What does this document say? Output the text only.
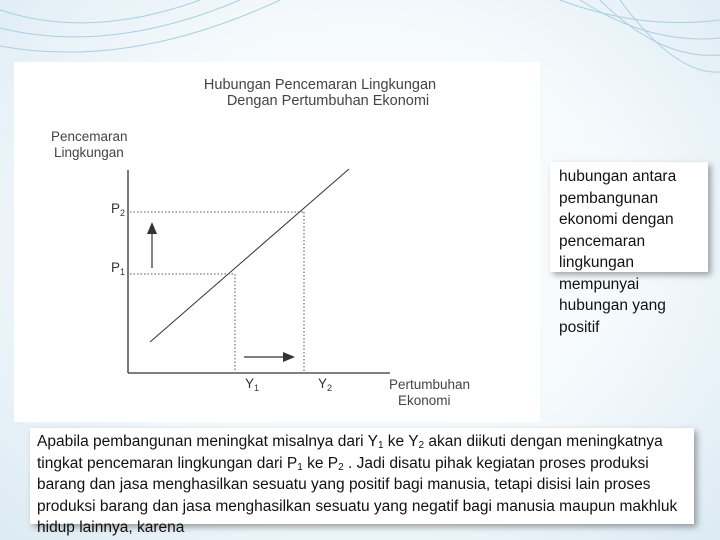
Hubungan Pencemaran Lingkungan
Dengan Pertumbuhan Ekonomi
Pencemaran
Lingkungan
$P_2$
$P_1$
$Y_1$	$Y_2$	Pertumbuhan
Ekonomi
hubungan antara pembangunan ekonomi dengan pencemaran lingkungan mempunyai hubungan yang positif
Apabila pembangunan meningkat misalnya dari $Y_1$ ke $Y_2$ akan diikuti dengan meningkatnya tingkat pencemaran lingkungan dari $P_1$ ke $P_2$ . Jadi disatu pihak kegiatan proses produksi barang dan jasa menghasilkan sesuatu yang positif bagi manusia, tetapi disisi lain proses produksi barang dan jasa menghasilkan sesuatu yang negatif bagi manusia maupun makhluk hidup lainnya, karena
